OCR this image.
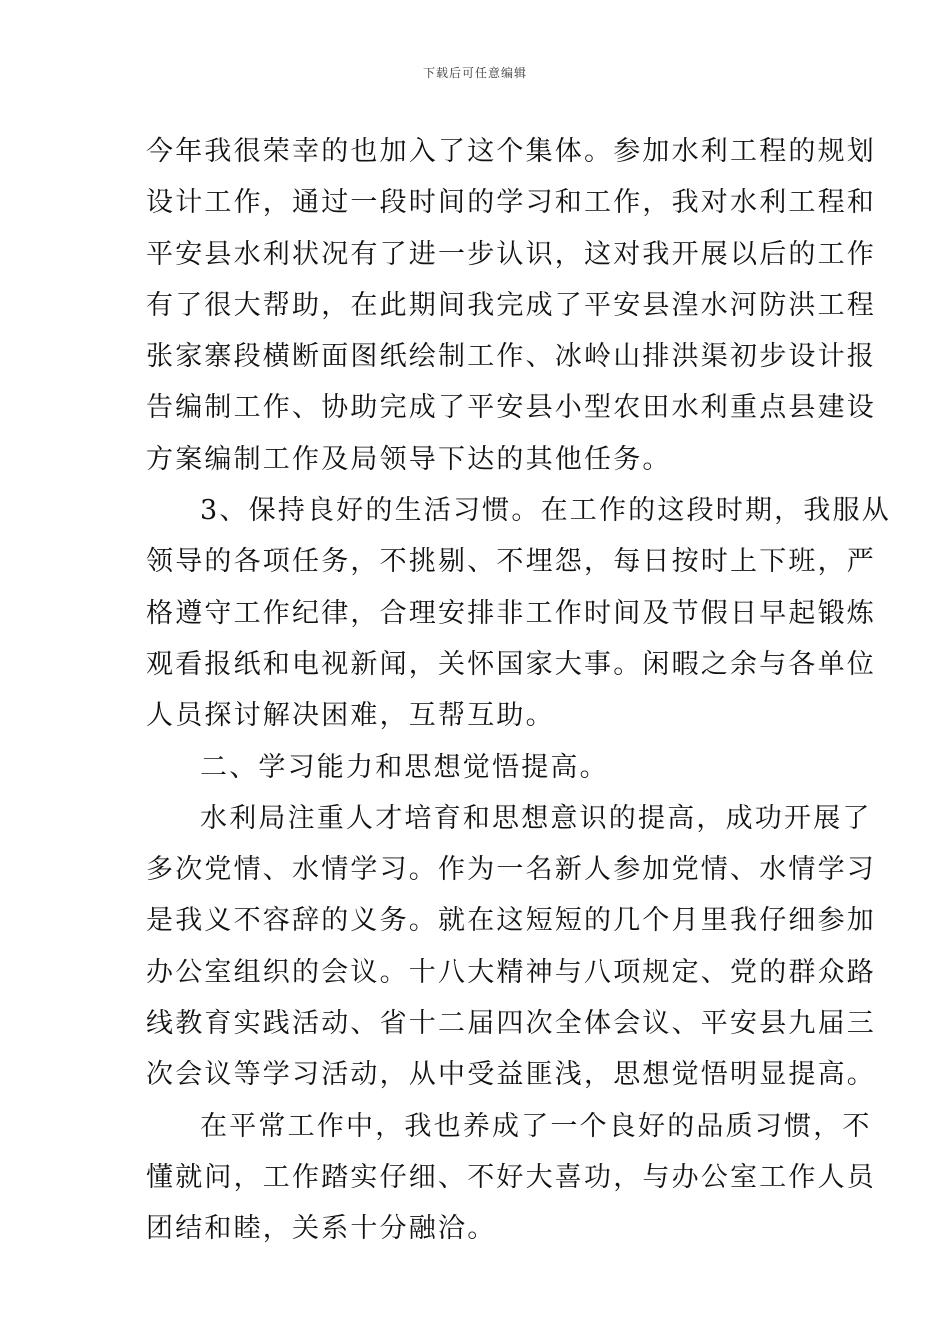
下载后可任意编辑
今年我很荣幸的也加入了这个集体。参加水利工程的规划
设计工作，通过一段时间的学习和工作，我对水利工程和
平安县水利状况有了进一步认识，这对我开展以后的工作
有了很大帮助，在此期间我完成了平安县湟水河防洪工程
张家寨段横断面图纸绘制工作、冰岭山排洪渠初步设计报
告编制工作、协助完成了平安县小型农田水利重点县建设
方案编制工作及局领导下达的其他任务。
3、保持良好的生活习惯。在工作的这段时期，我服从
领导的各项任务，不挑剔、不埋怨，每日按时上下班，严
格遵守工作纪律，合理安排非工作时间及节假日早起锻炼
观看报纸和电视新闻，关怀国家大事。闲暇之余与各单位
人员探讨解决困难，互帮互助。
二、学习能力和思想觉悟提高。
水利局注重人才培育和思想意识的提高，成功开展了
多次党情、水情学习。作为一名新人参加党情、水情学习
是我义不容辞的义务。就在这短短的几个月里我仔细参加
办公室组织的会议。十八大精神与八项规定、党的群众路
线教育实践活动、省十二届四次全体会议、平安县九届三
次会议等学习活动，从中受益匪浅，思想觉悟明显提高。
在平常工作中，我也养成了一个良好的品质习惯，不
懂就问，工作踏实仔细、不好大喜功，与办公室工作人员
团结和睦，关系十分融洽。
